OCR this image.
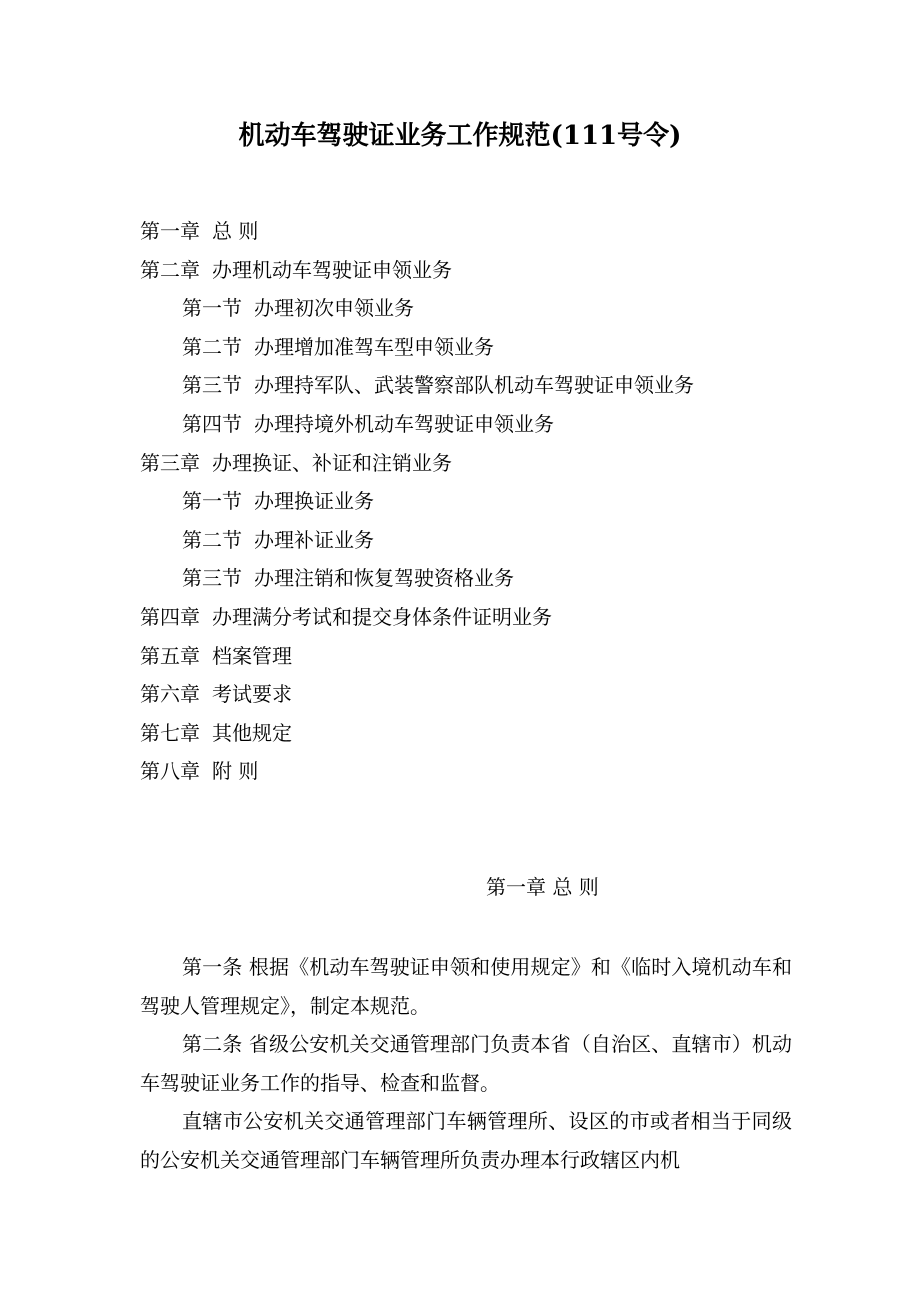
机动车驾驶证业务工作规范(111号令)
第一章 总 则
第二章 办理机动车驾驶证申领业务
第一节 办理初次申领业务
第二节 办理增加准驾车型申领业务
第三节 办理持军队、武装警察部队机动车驾驶证申领业务
第四节 办理持境外机动车驾驶证申领业务
第三章 办理换证、补证和注销业务
第一节 办理换证业务
第二节 办理补证业务
第三节 办理注销和恢复驾驶资格业务
第四章 办理满分考试和提交身体条件证明业务
第五章 档案管理
第六章 考试要求
第七章 其他规定
第八章 附 则
第一章 总 则

第一条 根据《机动车驾驶证申领和使用规定》和《临时入境机动车和驾驶人管理规定》，制定本规范。

第二条 省级公安机关交通管理部门负责本省（自治区、直辖市）机动车驾驶证业务工作的指导、检查和监督。

直辖市公安机关交通管理部门车辆管理所、设区的市或者相当于同级的公安机关交通管理部门车辆管理所负责办理本行政辖区内机
